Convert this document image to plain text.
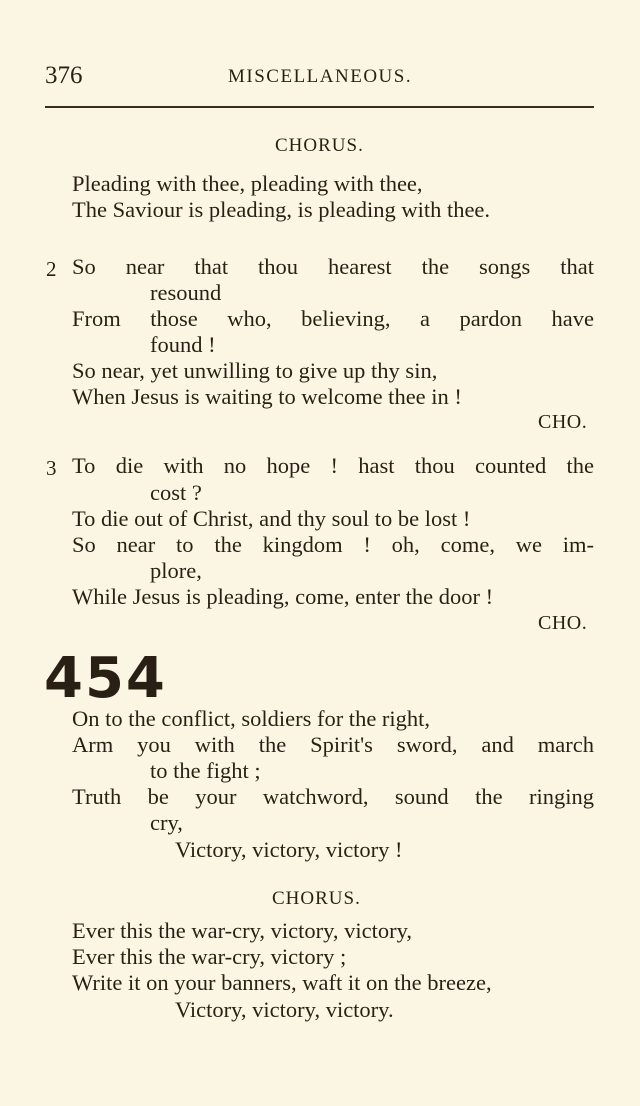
376	MISCELLANEOUS.
CHORUS.
Pleading with thee, pleading with thee,
The Saviour is pleading, is pleading with thee.
2 So near that thou hearest the songs that
resound
From those who, believing, a pardon have
found !
So near, yet unwilling to give up thy sin,
When Jesus is waiting to welcome thee in !
CHO.
3 To die with no hope ! hast thou counted the
cost ?
To die out of Christ, and thy soul to be lost !
So near to the kingdom ! oh, come, we im-
plore,
While Jesus is pleading, come, enter the door !
CHO.
454
On to the conflict, soldiers for the right,
Arm you with the Spirit's sword, and march
to the fight ;
Truth be your watchword, sound the ringing
cry,
Victory, victory, victory !
CHORUS.
Ever this the war-cry, victory, victory,
Ever this the war-cry, victory ;
Write it on your banners, waft it on the breeze,
Victory, victory, victory.
